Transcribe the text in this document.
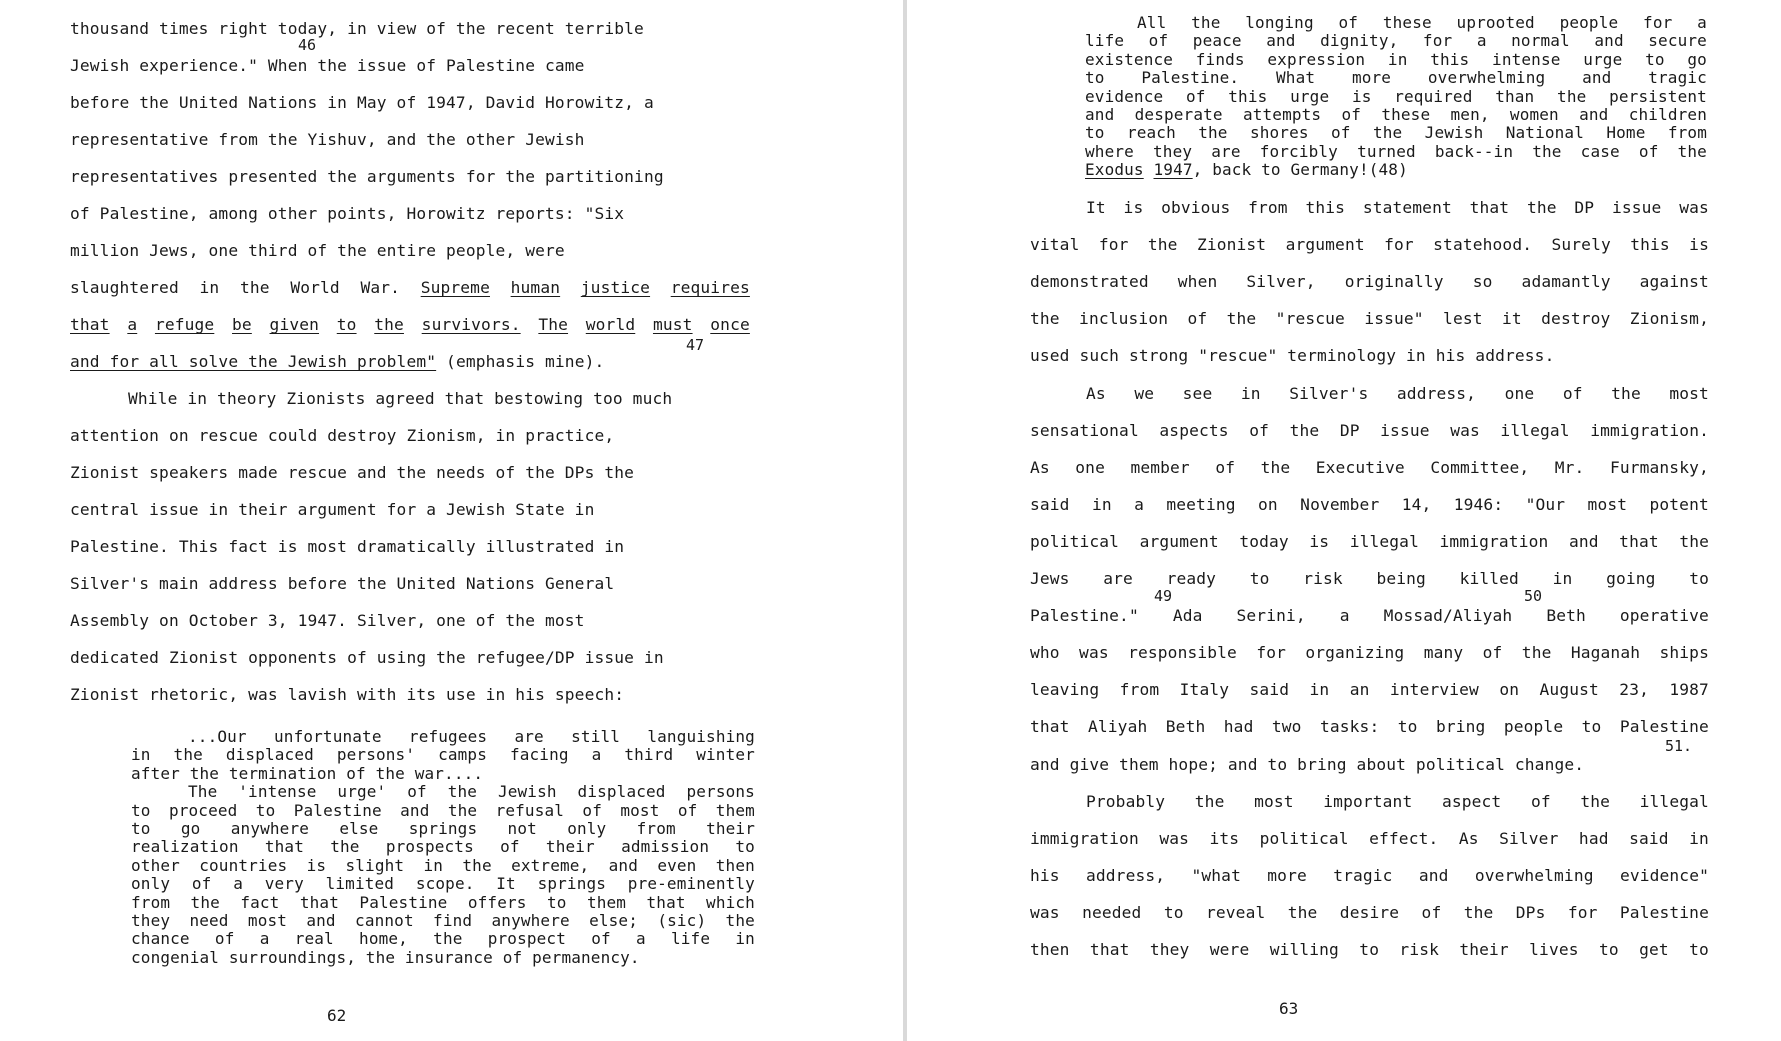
thousand times right today, in view of the recent terrible
Jewish experience." When the issue of Palestine came
before the United Nations in May of 1947, David Horowitz, a
representative from the Yishuv, and the other Jewish
representatives presented the arguments for the partitioning
of Palestine, among other points, Horowitz reports: "Six
million Jews, one third of the entire people, were
slaughtered in the World War. Supreme human justice requires
that a refuge be given to the survivors. The world must once
and for all solve the Jewish problem" (emphasis mine).
While in theory Zionists agreed that bestowing too much
attention on rescue could destroy Zionism, in practice,
Zionist speakers made rescue and the needs of the DPs the
central issue in their argument for a Jewish State in
Palestine. This fact is most dramatically illustrated in
Silver's main address before the United Nations General
Assembly on October 3, 1947. Silver, one of the most
dedicated Zionist opponents of using the refugee/DP issue in
Zionist rhetoric, was lavish with its use in his speech:
...Our unfortunate refugees are still languishing
in the displaced persons' camps facing a third winter
after the termination of the war....
The 'intense urge' of the Jewish displaced persons
to proceed to Palestine and the refusal of most of them
to go anywhere else springs not only from their
realization that the prospects of their admission to
other countries is slight in the extreme, and even then
only of a very limited scope. It springs pre-eminently
from the fact that Palestine offers to them that which
they need most and cannot find anywhere else; (sic) the
chance of a real home, the prospect of a life in
congenial surroundings, the insurance of permanency.
46
47
62
All the longing of these uprooted people for a
life of peace and dignity, for a normal and secure
existence finds expression in this intense urge to go
to Palestine. What more overwhelming and tragic
evidence of this urge is required than the persistent
and desperate attempts of these men, women and children
to reach the shores of the Jewish National Home from
where they are forcibly turned back--in the case of the
Exodus 1947, back to Germany!(48)
It is obvious from this statement that the DP issue was
vital for the Zionist argument for statehood. Surely this is
demonstrated when Silver, originally so adamantly against
the inclusion of the "rescue issue" lest it destroy Zionism,
used such strong "rescue" terminology in his address.
As we see in Silver's address, one of the most
sensational aspects of the DP issue was illegal immigration.
As one member of the Executive Committee, Mr. Furmansky,
said in a meeting on November 14, 1946: "Our most potent
political argument today is illegal immigration and that the
Jews are ready to risk being killed in going to
Palestine." Ada Serini, a Mossad/Aliyah Beth operative
who was responsible for organizing many of the Haganah ships
leaving from Italy said in an interview on August 23, 1987
that Aliyah Beth had two tasks: to bring people to Palestine
and give them hope; and to bring about political change.
Probably the most important aspect of the illegal
immigration was its political effect. As Silver had said in
his address, "what more tragic and overwhelming evidence"
was needed to reveal the desire of the DPs for Palestine
then that they were willing to risk their lives to get to
49	50
51.
63
